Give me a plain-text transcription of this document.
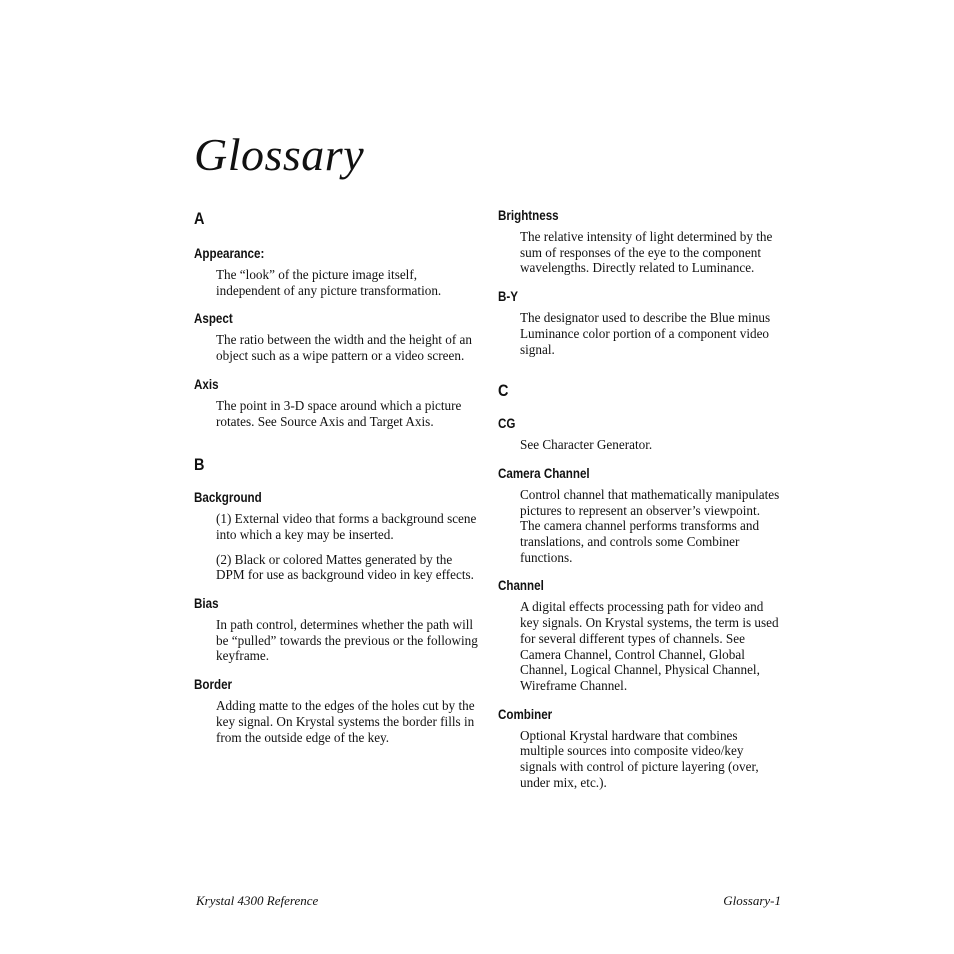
Glossary
A
Appearance:
The “look” of the picture image itself, independent of any picture transformation.
Aspect
The ratio between the width and the height of an object such as a wipe pattern or a video screen.
Axis
The point in 3-D space around which a picture rotates. See Source Axis and Target Axis.
B
Background
(1) External video that forms a background scene into which a key may be inserted.
(2) Black or colored Mattes generated by the DPM for use as background video in key effects.
Bias
In path control, determines whether the path will be “pulled” towards the previous or the following keyframe.
Border
Adding matte to the edges of the holes cut by the key signal. On Krystal systems the border fills in from the outside edge of the key.
Brightness
The relative intensity of light determined by the sum of responses of the eye to the component wavelengths. Directly related to Luminance.
B-Y
The designator used to describe the Blue minus Luminance color portion of a component video signal.
C
CG
See Character Generator.
Camera Channel
Control channel that mathematically manipulates pictures to represent an observer’s viewpoint. The camera channel performs transforms and translations, and controls some Combiner functions.
Channel
A digital effects processing path for video and key signals. On Krystal systems, the term is used for several different types of channels. See Camera Channel, Control Channel, Global Channel, Logical Channel, Physical Channel, Wireframe Channel.
Combiner
Optional Krystal hardware that combines multiple sources into composite video/key signals with control of picture layering (over, under mix, etc.).
Krystal 4300 Reference	Glossary-1
